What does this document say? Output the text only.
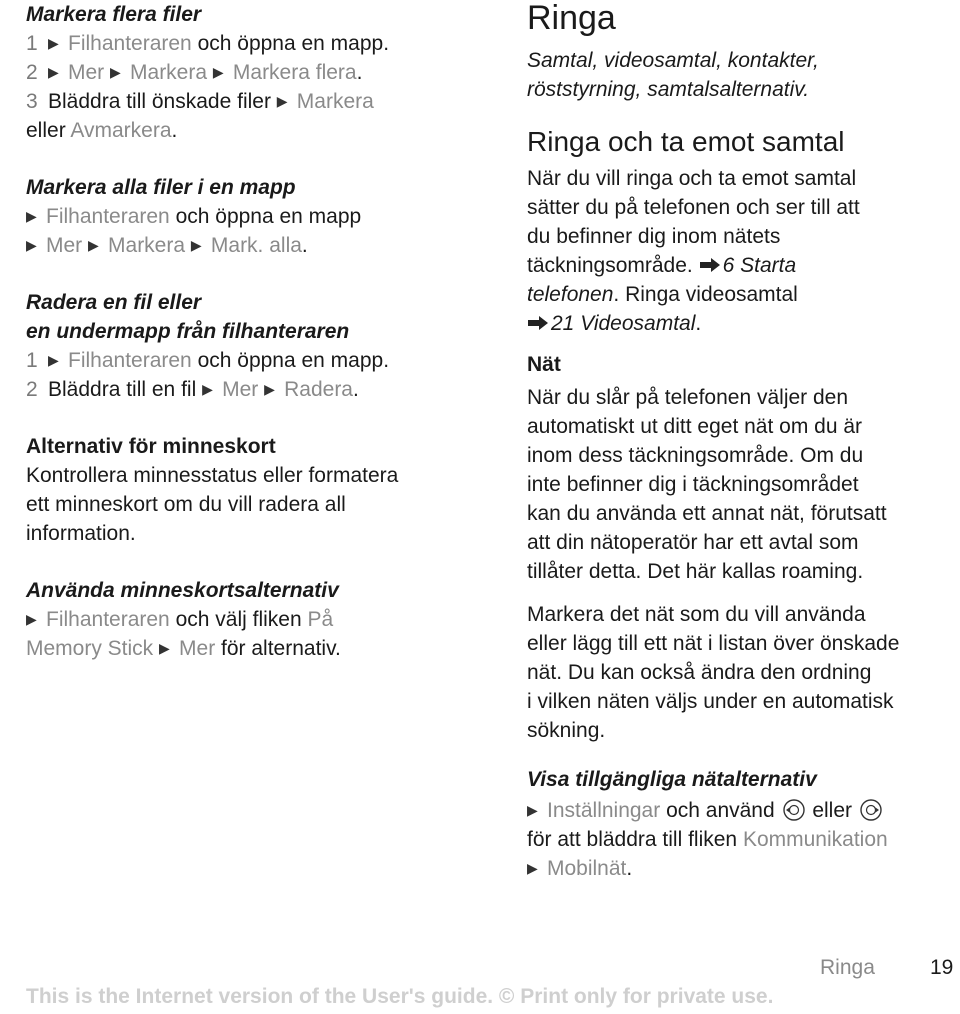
Markera flera filer
1 ▶ Filhanteraren och öppna en mapp.
2 ▶ Mer ▶ Markera ▶ Markera flera.
3 Bläddra till önskade filer ▶ Markera
eller Avmarkera.
Markera alla filer i en mapp
▶ Filhanteraren och öppna en mapp
▶ Mer ▶ Markera ▶ Mark. alla.
Radera en fil eller
en undermapp från filhanteraren
1 ▶ Filhanteraren och öppna en mapp.
2 Bläddra till en fil ▶ Mer ▶ Radera.
Alternativ för minneskort
Kontrollera minnesstatus eller formatera
ett minneskort om du vill radera all
information.
Använda minneskortsalternativ
▶ Filhanteraren och välj fliken På
Memory Stick ▶ Mer för alternativ.
Ringa
Samtal, videosamtal, kontakter,
röststyrning, samtalsalternativ.
Ringa och ta emot samtal
När du vill ringa och ta emot samtal
sätter du på telefonen och ser till att
du befinner dig inom nätets
täckningsområde. 6 Starta
telefonen. Ringa videosamtal
21 Videosamtal.
Nät
När du slår på telefonen väljer den
automatiskt ut ditt eget nät om du är
inom dess täckningsområde. Om du
inte befinner dig i täckningsområdet
kan du använda ett annat nät, förutsatt
att din nätoperatör har ett avtal som
tillåter detta. Det här kallas roaming.
Markera det nät som du vill använda
eller lägg till ett nät i listan över önskade
nät. Du kan också ändra den ordning
i vilken näten väljs under en automatisk
sökning.
Visa tillgängliga nätalternativ
▶ Inställningar och använd  eller
för att bläddra till fliken Kommunikation
▶ Mobilnät.
Ringa	19
This is the Internet version of the User's guide. © Print only for private use.
